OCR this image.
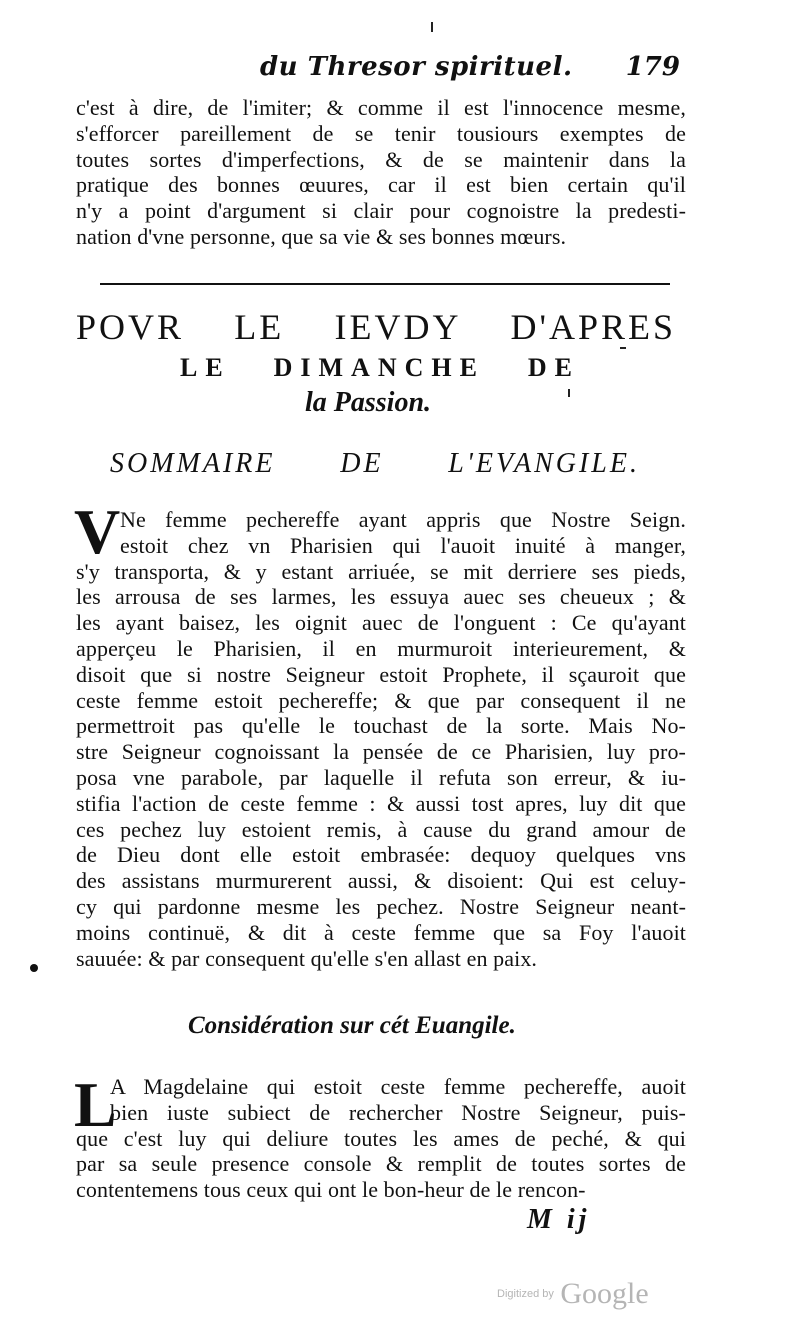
du Thresor spirituel. 179
c'est à dire, de l'imiter; & comme il est l'innocence mesme,
s'efforcer pareillement de se tenir tousiours exemptes de
toutes sortes d'imperfections, & de se maintenir dans la
pratique des bonnes œuures, car il est bien certain qu'il
n'y a point d'argument si clair pour cognoistre la predesti-
nation d'vne personne, que sa vie & ses bonnes mœurs.
POVR LE IEVDY D'APRES
LE DIMANCHE DE
la Passion.
SOMMAIRE DE L'EVANGILE.
V Ne femme pechereffe ayant appris que Nostre Seign.
estoit chez vn Pharisien qui l'auoit inuité à manger,
s'y transporta, & y estant arriuée, se mit derriere ses pieds,
les arrousa de ses larmes, les essuya auec ses cheueux ; &
les ayant baisez, les oignit auec de l'onguent : Ce qu'ayant
apperçeu le Pharisien, il en murmuroit interieurement, &
disoit que si nostre Seigneur estoit Prophete, il sçauroit que
ceste femme estoit pechereffe; & que par consequent il ne
permettroit pas qu'elle le touchast de la sorte. Mais No-
stre Seigneur cognoissant la pensée de ce Pharisien, luy pro-
posa vne parabole, par laquelle il refuta son erreur, & iu-
stifia l'action de ceste femme : & aussi tost apres, luy dit que
ces pechez luy estoient remis, à cause du grand amour de
de Dieu dont elle estoit embrasée: dequoy quelques vns
des assistans murmurerent aussi, & disoient: Qui est celuy-
cy qui pardonne mesme les pechez. Nostre Seigneur neant-
moins continuë, & dit à ceste femme que sa Foy l'auoit
sauuée: & par consequent qu'elle s'en allast en paix.
Considération sur cét Euangile.
L
A Magdelaine qui estoit ceste femme pechereffe, auoit
bien iuste subiect de rechercher Nostre Seigneur, puis-
que c'est luy qui deliure toutes les ames de peché, & qui
par sa seule presence console & remplit de toutes sortes de
contentemens tous ceux qui ont le bon-heur de le rencon-
M ij
Digitized by Google
